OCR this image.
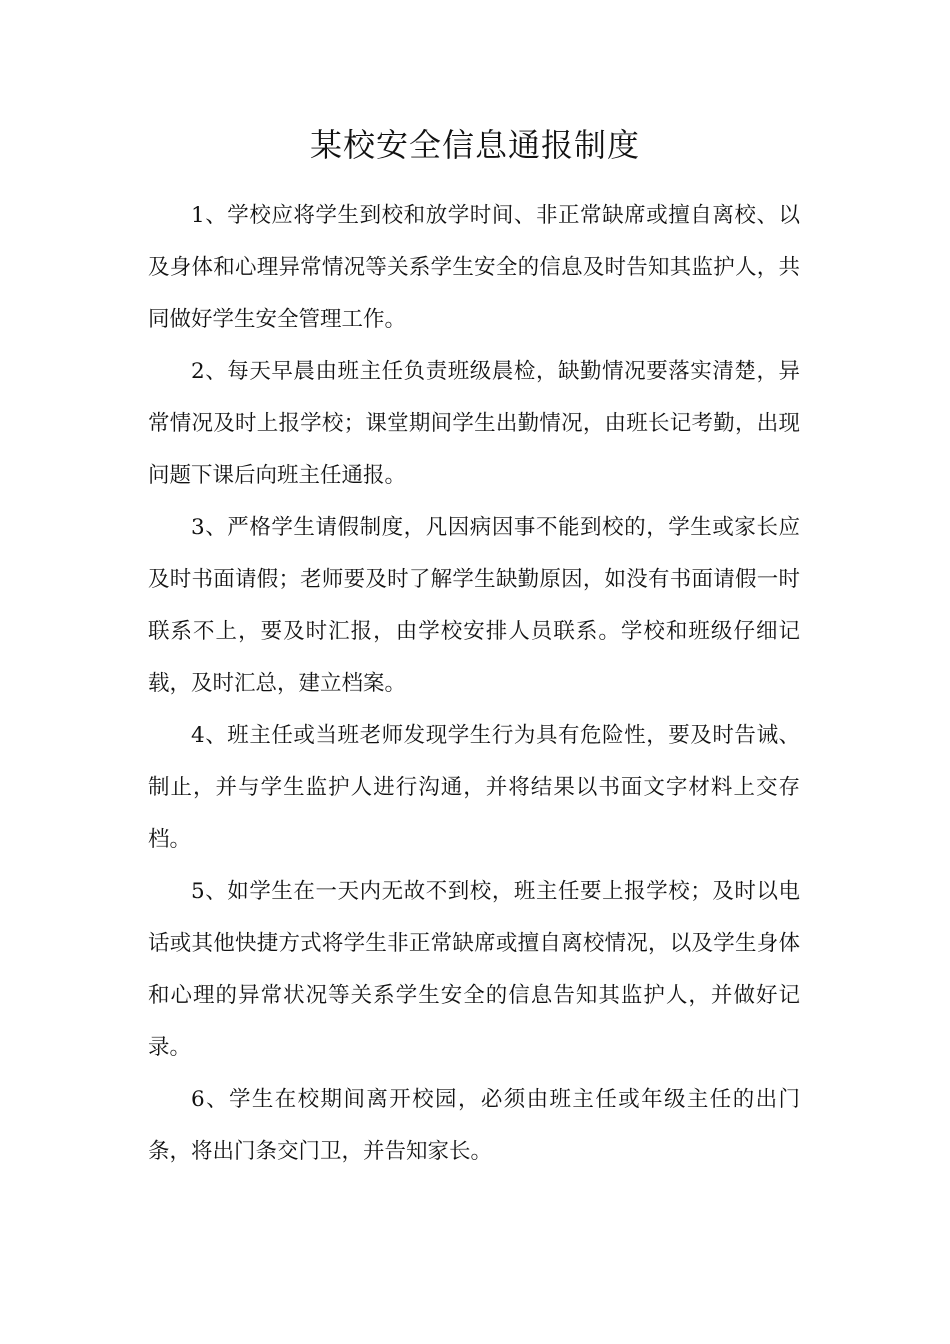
某校安全信息通报制度

1、学校应将学生到校和放学时间、非正常缺席或擅自离校、以及身体和心理异常情况等关系学生安全的信息及时告知其监护人，共同做好学生安全管理工作。

2、每天早晨由班主任负责班级晨检，缺勤情况要落实清楚，异常情况及时上报学校；课堂期间学生出勤情况，由班长记考勤，出现问题下课后向班主任通报。

3、严格学生请假制度，凡因病因事不能到校的，学生或家长应及时书面请假；老师要及时了解学生缺勤原因，如没有书面请假一时联系不上，要及时汇报，由学校安排人员联系。学校和班级仔细记载，及时汇总，建立档案。

4、班主任或当班老师发现学生行为具有危险性，要及时告诫、制止，并与学生监护人进行沟通，并将结果以书面文字材料上交存档。

5、如学生在一天内无故不到校，班主任要上报学校；及时以电话或其他快捷方式将学生非正常缺席或擅自离校情况，以及学生身体和心理的异常状况等关系学生安全的信息告知其监护人，并做好记录。

6、学生在校期间离开校园，必须由班主任或年级主任的出门条，将出门条交门卫，并告知家长。
